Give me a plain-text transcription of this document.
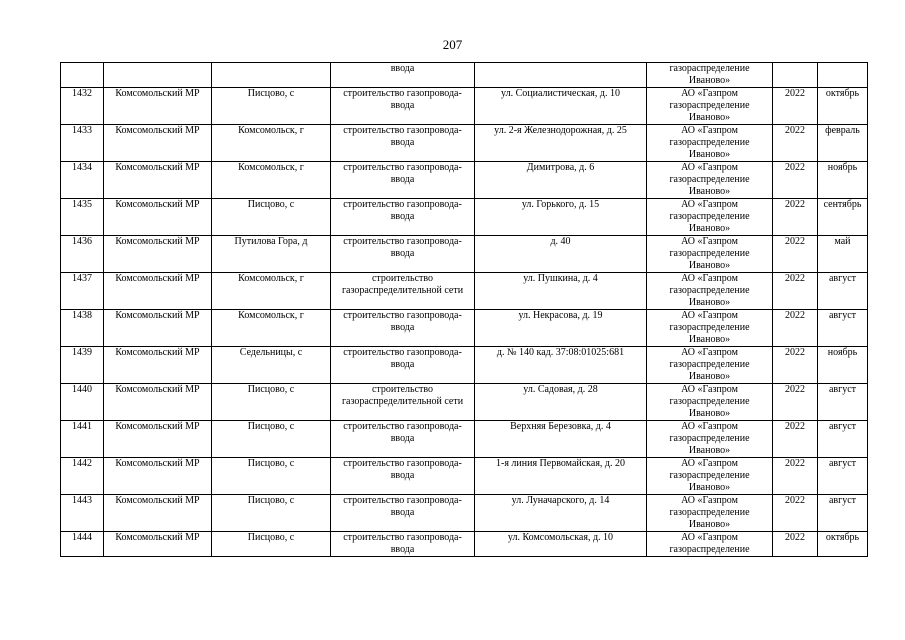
207

			ввода		газораспределение
Иваново»		

1432	Комсомольский МР	Писцово, с	строительство газопровода-
ввода	ул. Социалистическая, д. 10	АО «Газпром
газораспределение
Иваново»	2022	октябрь

1433	Комсомольский МР	Комсомольск, г	строительство газопровода-
ввода	ул. 2-я Железнодорожная, д. 25	АО «Газпром
газораспределение
Иваново»	2022	февраль

1434	Комсомольский МР	Комсомольск, г	строительство газопровода-
ввода	Димитрова, д. 6	АО «Газпром
газораспределение
Иваново»	2022	ноябрь

1435	Комсомольский МР	Писцово, с	строительство газопровода-
ввода	ул. Горького, д. 15	АО «Газпром
газораспределение
Иваново»	2022	сентябрь

1436	Комсомольский МР	Путилова Гора, д	строительство газопровода-
ввода	д. 40	АО «Газпром
газораспределение
Иваново»	2022	май

1437	Комсомольский МР	Комсомольск, г	строительство
газораспределительной сети	ул. Пушкина, д. 4	АО «Газпром
газораспределение
Иваново»	2022	август

1438	Комсомольский МР	Комсомольск, г	строительство газопровода-
ввода	ул. Некрасова, д. 19	АО «Газпром
газораспределение
Иваново»	2022	август

1439	Комсомольский МР	Седельницы, с	строительство газопровода-
ввода	д. № 140 кад. 37:08:01025:681	АО «Газпром
газораспределение
Иваново»	2022	ноябрь

1440	Комсомольский МР	Писцово, с	строительство
газораспределительной сети	ул. Садовая, д. 28	АО «Газпром
газораспределение
Иваново»	2022	август

1441	Комсомольский МР	Писцово, с	строительство газопровода-
ввода	Верхняя Березовка, д. 4	АО «Газпром
газораспределение
Иваново»	2022	август

1442	Комсомольский МР	Писцово, с	строительство газопровода-
ввода	1-я линия Первомайская, д. 20	АО «Газпром
газораспределение
Иваново»	2022	август

1443	Комсомольский МР	Писцово, с	строительство газопровода-
ввода	ул. Луначарского, д. 14	АО «Газпром
газораспределение
Иваново»	2022	август

1444	Комсомольский МР	Писцово, с	строительство газопровода-
ввода	ул. Комсомольская, д. 10	АО «Газпром
газораспределение	2022	октябрь
